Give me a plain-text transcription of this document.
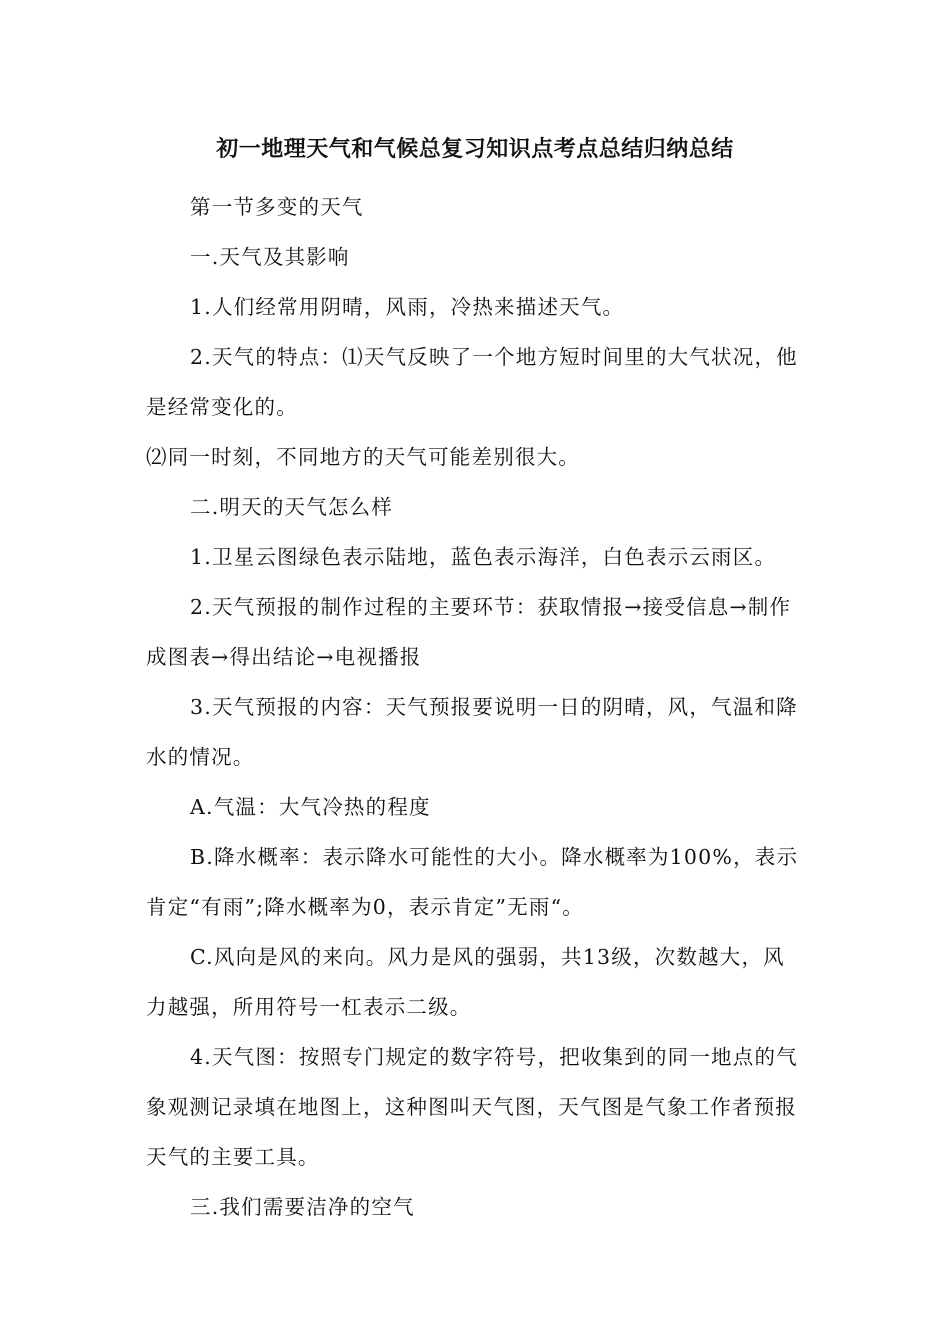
初一地理天气和气候总复习知识点考点总结归纳总结

第一节多变的天气

一.天气及其影响

1.人们经常用阴晴，风雨，冷热来描述天气。

2.天气的特点：⑴天气反映了一个地方短时间里的大气状况，他是经常变化的。

⑵同一时刻，不同地方的天气可能差别很大。

二.明天的天气怎么样

1.卫星云图绿色表示陆地，蓝色表示海洋，白色表示云雨区。

2.天气预报的制作过程的主要环节：获取情报→接受信息→制作成图表→得出结论→电视播报

3.天气预报的内容：天气预报要说明一日的阴晴，风，气温和降水的情况。

A.气温：大气冷热的程度

B.降水概率：表示降水可能性的大小。降水概率为100%，表示肯定“有雨”;降水概率为0，表示肯定”无雨“。

C.风向是风的来向。风力是风的强弱，共13级，次数越大，风力越强，所用符号一杠表示二级。

4.天气图：按照专门规定的数字符号，把收集到的同一地点的气象观测记录填在地图上，这种图叫天气图，天气图是气象工作者预报天气的主要工具。

三.我们需要洁净的空气
